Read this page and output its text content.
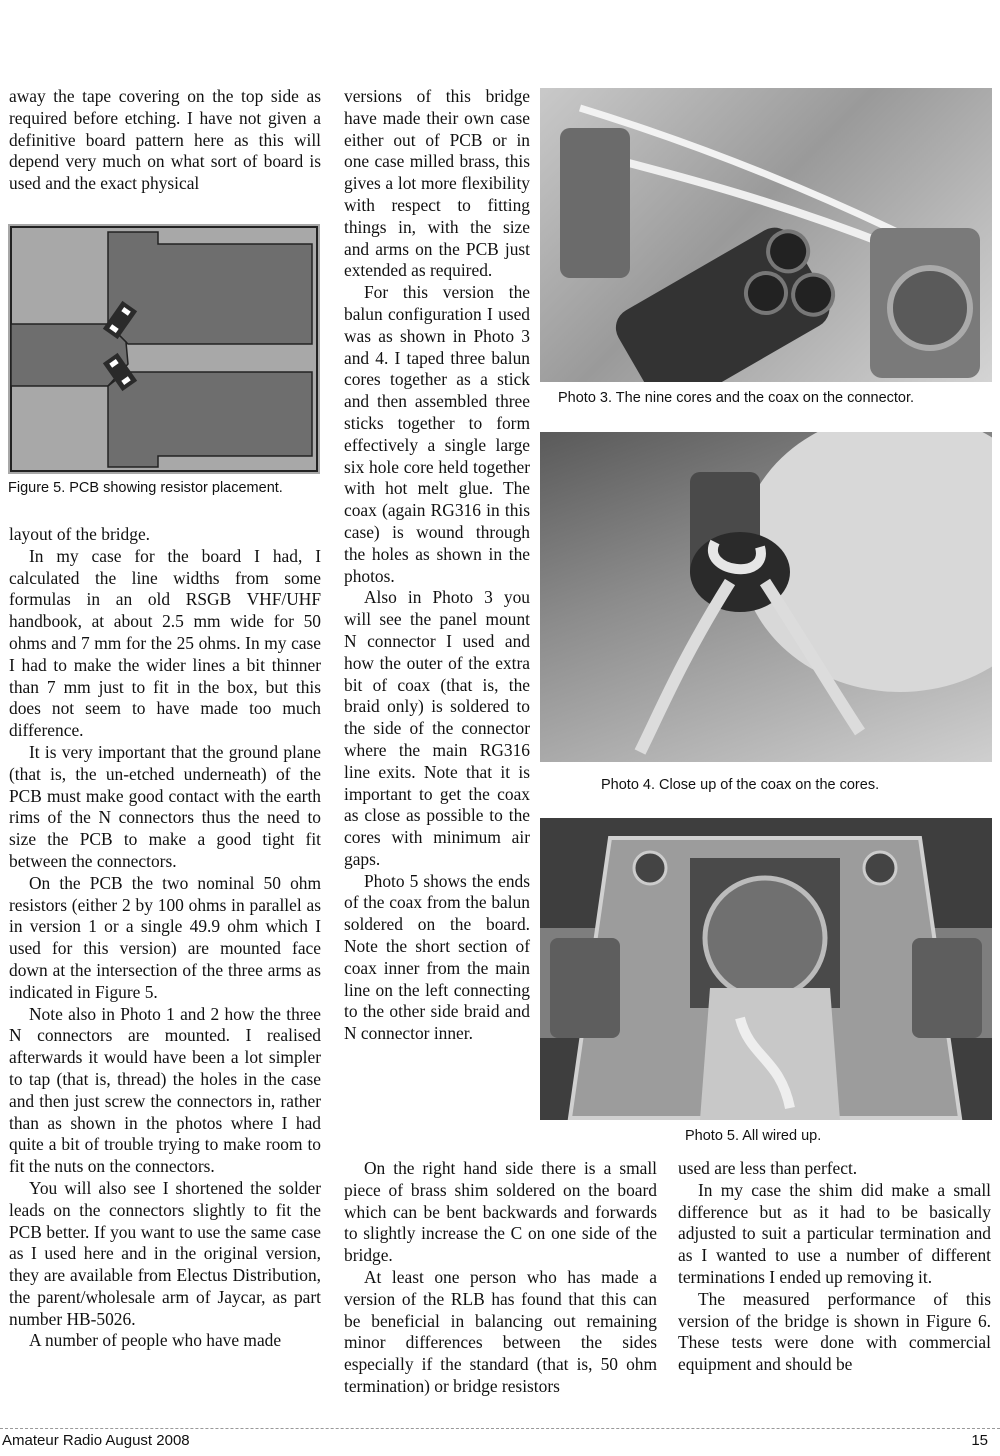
away the tape covering on the top side as required before etching. I have not given a definitive board pattern here as this will depend very much on what sort of board is used and the exact physical

Figure 5. PCB showing resistor placement.

layout of the bridge.

In my case for the board I had, I calculated the line widths from some formulas in an old RSGB VHF/UHF handbook, at about 2.5 mm wide for 50 ohms and 7 mm for the 25 ohms. In my case I had to make the wider lines a bit thinner than 7 mm just to fit in the box, but this does not seem to have made too much difference.

It is very important that the ground plane (that is, the un-etched underneath) of the PCB must make good contact with the earth rims of the N connectors thus the need to size the PCB to make a good tight fit between the connectors.

On the PCB the two nominal 50 ohm resistors (either 2 by 100 ohms in parallel as in version 1 or a single 49.9 ohm which I used for this version) are mounted face down at the intersection of the three arms as indicated in Figure 5.

Note also in Photo 1 and 2 how the three N connectors are mounted. I realised afterwards it would have been a lot simpler to tap (that is, thread) the holes in the case and then just screw the connectors in, rather than as shown in the photos where I had quite a bit of trouble trying to make room to fit the nuts on the connectors.

You will also see I shortened the solder leads on the connectors slightly to fit the PCB better. If you want to use the same case as I used here and in the original version, they are available from Electus Distribution, the parent/wholesale arm of Jaycar, as part number HB-5026.

A number of people who have made

versions of this bridge have made their own case either out of PCB or in one case milled brass, this gives a lot more flexibility with respect to fitting things in, with the size and arms on the PCB just extended as required.

For this version the balun configuration I used was as shown in Photo 3 and 4. I taped three balun cores together as a stick and then assembled three sticks together to form effectively a single large six hole core held together with hot melt glue. The coax (again RG316 in this case) is wound through the holes as shown in the photos.

Also in Photo 3 you will see the panel mount N connector I used and how the outer of the extra bit of coax (that is, the braid only) is soldered to the side of the connector where the main RG316 line exits. Note that it is important to get the coax as close as possible to the cores with minimum air gaps.

Photo 5 shows the ends of the coax from the balun soldered on the board. Note the short section of coax inner from the main line on the left connecting to the other side braid and N connector inner.

Photo 3. The nine cores and the coax on the connector.
Photo 4. Close up of the coax on the cores.
Photo 5. All wired up.

On the right hand side there is a small piece of brass shim soldered on the board which can be bent backwards and forwards to slightly increase the C on one side of the bridge.

At least one person who has made a version of the RLB has found that this can be beneficial in balancing out remaining minor differences between the sides especially if the standard (that is, 50 ohm termination) or bridge resistors

used are less than perfect.

In my case the shim did make a small difference but as it had to be basically adjusted to suit a particular termination and as I wanted to use a number of different terminations I ended up removing it.

The measured performance of this version of the bridge is shown in Figure 6. These tests were done with commercial equipment and should be

Amateur Radio August 2008	15
